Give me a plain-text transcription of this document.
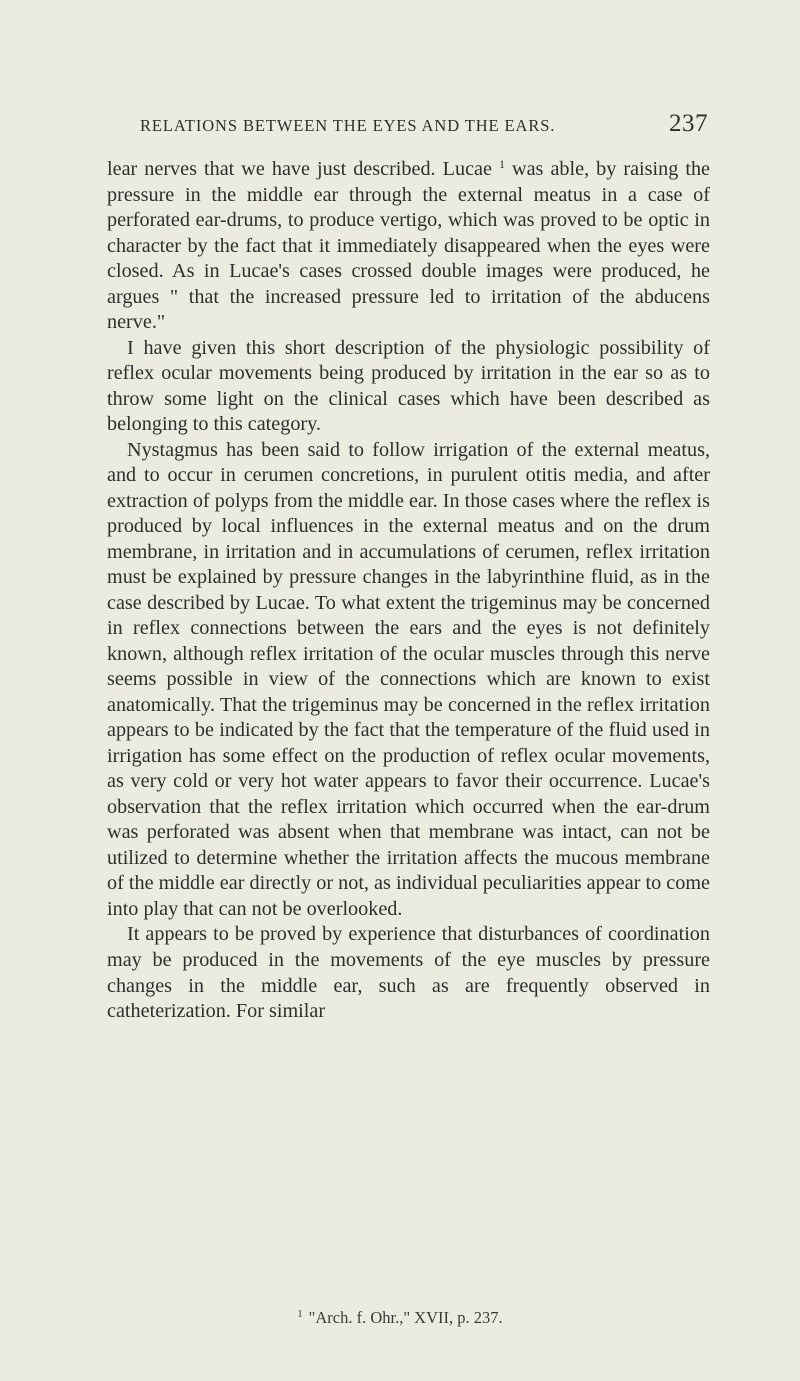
RELATIONS BETWEEN THE EYES AND THE EARS.	237

lear nerves that we have just described. Lucae $^1$ was able, by raising the pressure in the middle ear through the external meatus in a case of perforated ear-drums, to produce vertigo, which was proved to be optic in character by the fact that it immediately disappeared when the eyes were closed. As in Lucae's cases crossed double images were produced, he argues " that the increased pressure led to irritation of the abducens nerve."

I have given this short description of the physiologic possibility of reflex ocular movements being produced by irritation in the ear so as to throw some light on the clinical cases which have been described as belonging to this category.

Nystagmus has been said to follow irrigation of the external meatus, and to occur in cerumen concretions, in purulent otitis media, and after extraction of polyps from the middle ear. In those cases where the reflex is produced by local influences in the external meatus and on the drum membrane, in irritation and in accumulations of cerumen, reflex irritation must be explained by pressure changes in the labyrinthine fluid, as in the case described by Lucae. To what extent the trigeminus may be concerned in reflex connections between the ears and the eyes is not definitely known, although reflex irritation of the ocular muscles through this nerve seems possible in view of the connections which are known to exist anatomically. That the trigeminus may be concerned in the reflex irritation appears to be indicated by the fact that the temperature of the fluid used in irrigation has some effect on the production of reflex ocular movements, as very cold or very hot water appears to favor their occurrence. Lucae's observation that the reflex irritation which occurred when the ear-drum was perforated was absent when that membrane was intact, can not be utilized to determine whether the irritation affects the mucous membrane of the middle ear directly or not, as individual peculiarities appear to come into play that can not be overlooked.

It appears to be proved by experience that disturbances of coordination may be produced in the movements of the eye muscles by pressure changes in the middle ear, such as are frequently observed in catheterization. For similar

$^1$ "Arch. f. Ohr.," XVII, p. 237.
